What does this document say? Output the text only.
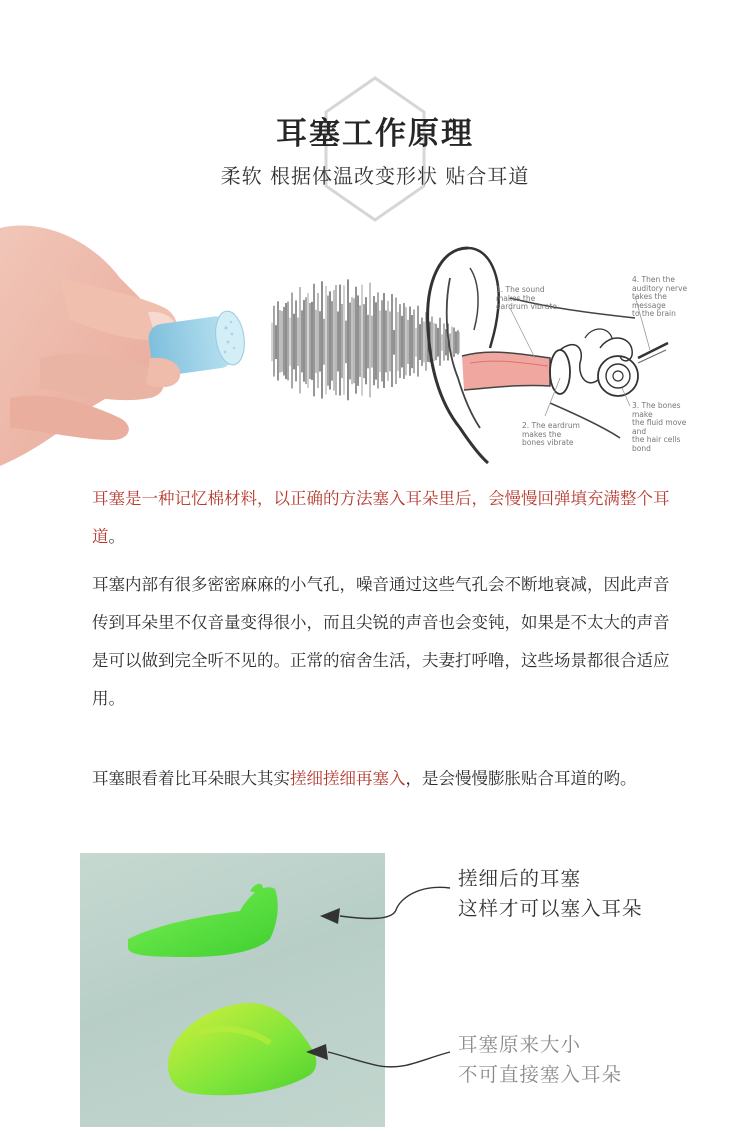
耳塞工作原理
柔软 根据体温改变形状 贴合耳道
1. The sound
makes the
eardrum vibrate
4. Then the
auditory nerve
takes the message
to the brain
2. The eardrum
makes the
bones vibrate
3. The bones make
the fluid move and
the hair cells bond
耳塞是一种记忆棉材料，以正确的方法塞入耳朵里后，会慢慢回弹填充满整个耳道。
耳塞内部有很多密密麻麻的小气孔，噪音通过这些气孔会不断地衰减，因此声音传到耳朵里不仅音量变得很小，而且尖锐的声音也会变钝，如果是不太大的声音是可以做到完全听不见的。正常的宿舍生活，夫妻打呼噜，这些场景都很合适应用。
耳塞眼看着比耳朵眼大其实搓细搓细再塞入，是会慢慢膨胀贴合耳道的哟。
搓细后的耳塞
这样才可以塞入耳朵
耳塞原来大小
不可直接塞入耳朵
